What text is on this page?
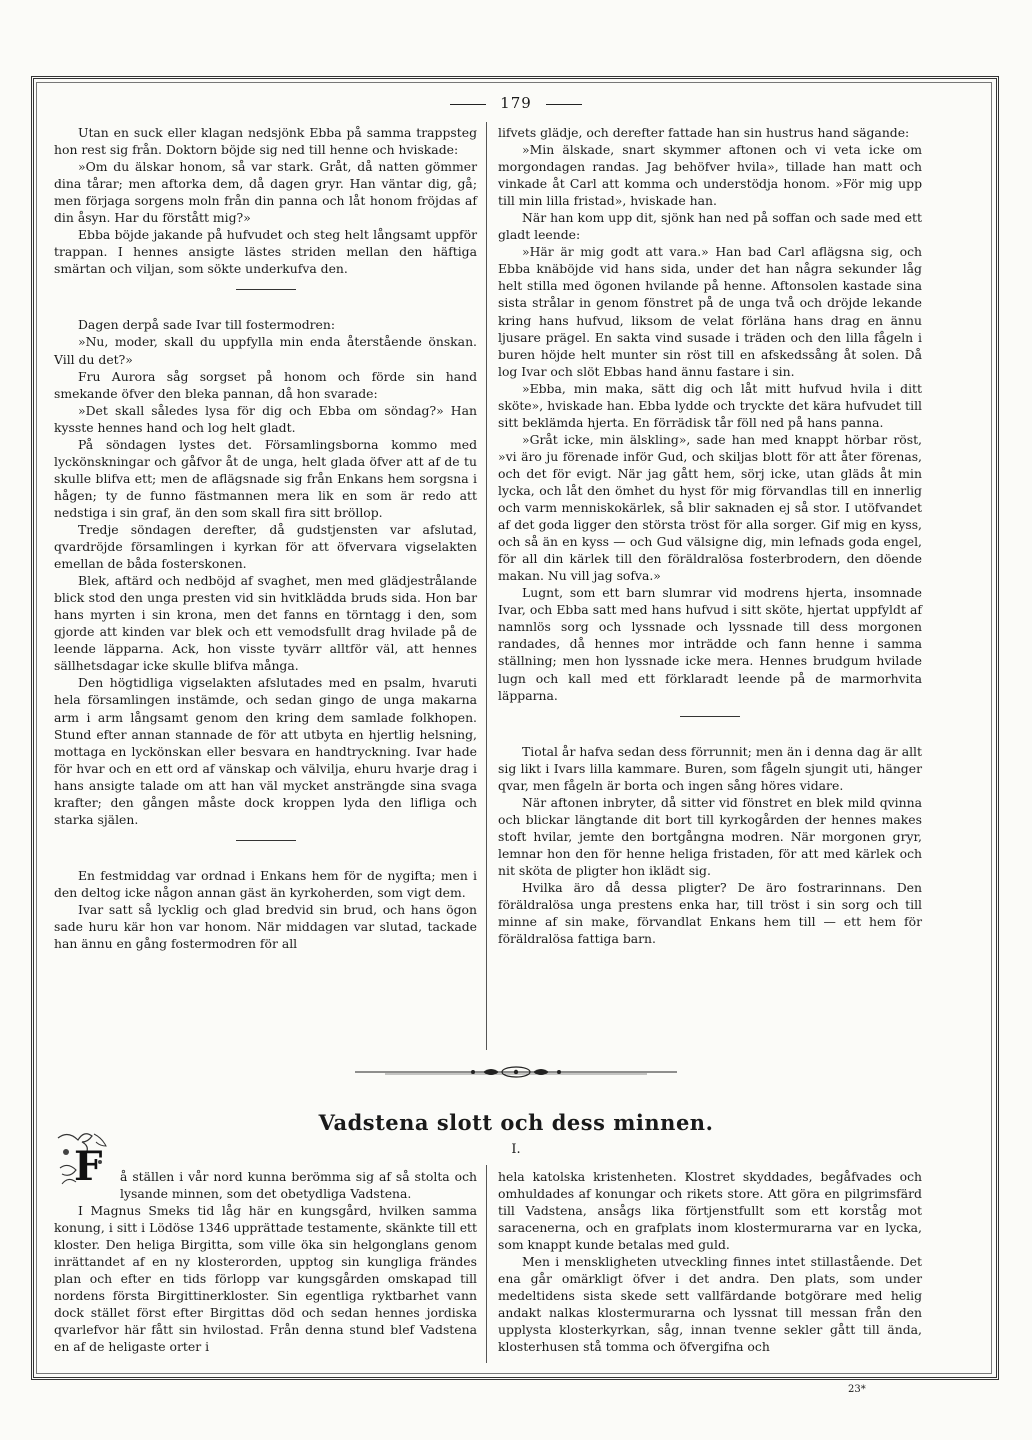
179

Utan en suck eller klagan nedsjönk Ebba på samma trappsteg hon rest sig från. Doktorn böjde sig ned till henne och hviskade:

»Om du älskar honom, så var stark. Gråt, då natten gömmer dina tårar; men aftorka dem, då dagen gryr. Han väntar dig, gå; men förjaga sorgens moln från din panna och låt honom fröjdas af din åsyn. Har du förstått mig?»

Ebba böjde jakande på hufvudet och steg helt långsamt uppför trappan. I hennes ansigte lästes striden mellan den häftiga smärtan och viljan, som sökte underkufva den.

Dagen derpå sade Ivar till fostermodren:

»Nu, moder, skall du uppfylla min enda återstående önskan. Vill du det?»

Fru Aurora såg sorgset på honom och förde sin hand smekande öfver den bleka pannan, då hon svarade:

»Det skall således lysa för dig och Ebba om söndag?» Han kysste hennes hand och log helt gladt.

På söndagen lystes det. Församlingsborna kommo med lyckönskningar och gåfvor åt de unga, helt glada öfver att af de tu skulle blifva ett; men de aflägsnade sig från Enkans hem sorgsna i hågen; ty de funno fästmannen mera lik en som är redo att nedstiga i sin graf, än den som skall fira sitt bröllop.

Tredje söndagen derefter, då gudstjensten var afslutad, qvardröjde församlingen i kyrkan för att öfvervara vigselakten emellan de båda fosterskonen.

Blek, aftärd och nedböjd af svaghet, men med glädjestrålande blick stod den unga presten vid sin hvitklädda bruds sida. Hon bar hans myrten i sin krona, men det fanns en törntagg i den, som gjorde att kinden var blek och ett vemodsfullt drag hvilade på de leende läpparna. Ack, hon visste tyvärr alltför väl, att hennes sällhetsdagar icke skulle blifva många.

Den högtidliga vigselakten afslutades med en psalm, hvaruti hela församlingen instämde, och sedan gingo de unga makarna arm i arm långsamt genom den kring dem samlade folkhopen. Stund efter annan stannade de för att utbyta en hjertlig helsning, mottaga en lyckönskan eller besvara en handtryckning. Ivar hade för hvar och en ett ord af vänskap och välvilja, ehuru hvarje drag i hans ansigte talade om att han väl mycket ansträngde sina svaga krafter; den gången måste dock kroppen lyda den lifliga och starka själen.

En festmiddag var ordnad i Enkans hem för de nygifta; men i den deltog icke någon annan gäst än kyrkoherden, som vigt dem.

Ivar satt så lycklig och glad bredvid sin brud, och hans ögon sade huru kär hon var honom. När middagen var slutad, tackade han ännu en gång fostermodren för all

lifvets glädje, och derefter fattade han sin hustrus hand sägande:

»Min älskade, snart skymmer aftonen och vi veta icke om morgondagen randas. Jag behöfver hvila», tillade han matt och vinkade åt Carl att komma och understödja honom. »För mig upp till min lilla fristad», hviskade han.

När han kom upp dit, sjönk han ned på soffan och sade med ett gladt leende:

»Här är mig godt att vara.» Han bad Carl aflägsna sig, och Ebba knäböjde vid hans sida, under det han några sekunder låg helt stilla med ögonen hvilande på henne. Aftonsolen kastade sina sista strålar in genom fönstret på de unga två och dröjde lekande kring hans hufvud, liksom de velat förläna hans drag en ännu ljusare prägel. En sakta vind susade i träden och den lilla fågeln i buren höjde helt munter sin röst till en afskedssång åt solen. Då log Ivar och slöt Ebbas hand ännu fastare i sin.

»Ebba, min maka, sätt dig och låt mitt hufvud hvila i ditt sköte», hviskade han. Ebba lydde och tryckte det kära hufvudet till sitt beklämda hjerta. En förrädisk tår föll ned på hans panna.

»Gråt icke, min älskling», sade han med knappt hörbar röst, »vi äro ju förenade inför Gud, och skiljas blott för att åter förenas, och det för evigt. När jag gått hem, sörj icke, utan gläds åt min lycka, och låt den ömhet du hyst för mig förvandlas till en innerlig och varm menniskokärlek, så blir saknaden ej så stor. I utöfvandet af det goda ligger den största tröst för alla sorger. Gif mig en kyss, och så än en kyss — och Gud välsigne dig, min lefnads goda engel, för all din kärlek till den föräldralösa fosterbrodern, den döende makan. Nu vill jag sofva.»

Lugnt, som ett barn slumrar vid modrens hjerta, insomnade Ivar, och Ebba satt med hans hufvud i sitt sköte, hjertat uppfyldt af namnlös sorg och lyssnade och lyssnade till dess morgonen randades, då hennes mor inträdde och fann henne i samma ställning; men hon lyssnade icke mera. Hennes brudgum hvilade lugn och kall med ett förklaradt leende på de marmorhvita läpparna.

Tiotal år hafva sedan dess förrunnit; men än i denna dag är allt sig likt i Ivars lilla kammare. Buren, som fågeln sjungit uti, hänger qvar, men fågeln är borta och ingen sång höres vidare.

När aftonen inbryter, då sitter vid fönstret en blek mild qvinna och blickar längtande dit bort till kyrkogården der hennes makes stoft hvilar, jemte den bortgångna modren. När morgonen gryr, lemnar hon den för henne heliga fristaden, för att med kärlek och nit sköta de pligter hon iklädt sig.

Hvilka äro då dessa pligter? De äro fostrarinnans. Den föräldralösa unga prestens enka har, till tröst i sin sorg och till minne af sin make, förvandlat Enkans hem till — ett hem för föräldralösa fattiga barn.

Vadstena slott och dess minnen.
I.
F å ställen i vår nord kunna berömma sig af så stolta och lysande minnen, som det obetydliga Vadstena.

I Magnus Smeks tid låg här en kungsgård, hvilken samma konung, i sitt i Lödöse 1346 upprättade testamente, skänkte till ett kloster. Den heliga Birgitta, som ville öka sin helgonglans genom inrättandet af en ny klosterorden, upptog sin kungliga frändes plan och efter en tids förlopp var kungsgården omskapad till nordens första Birgittinerkloster. Sin egentliga ryktbarhet vann dock stället först efter Birgittas död och sedan hennes jordiska qvarlefvor här fått sin hvilostad. Från denna stund blef Vadstena en af de heligaste orter i

hela katolska kristenheten. Klostret skyddades, begåfvades och omhuldades af konungar och rikets store. Att göra en pilgrimsfärd till Vadstena, ansågs lika förtjenstfullt som ett korståg mot saracenerna, och en grafplats inom klostermurarna var en lycka, som knappt kunde betalas med guld.

Men i menskligheten utveckling finnes intet stillastående. Det ena går omärkligt öfver i det andra. Den plats, som under medeltidens sista skede sett vallfärdande botgörare med helig andakt nalkas klostermurarna och lyssnat till messan från den upplysta klosterkyrkan, såg, innan tvenne sekler gått till ända, klosterhusen stå tomma och öfvergifna och

23*
